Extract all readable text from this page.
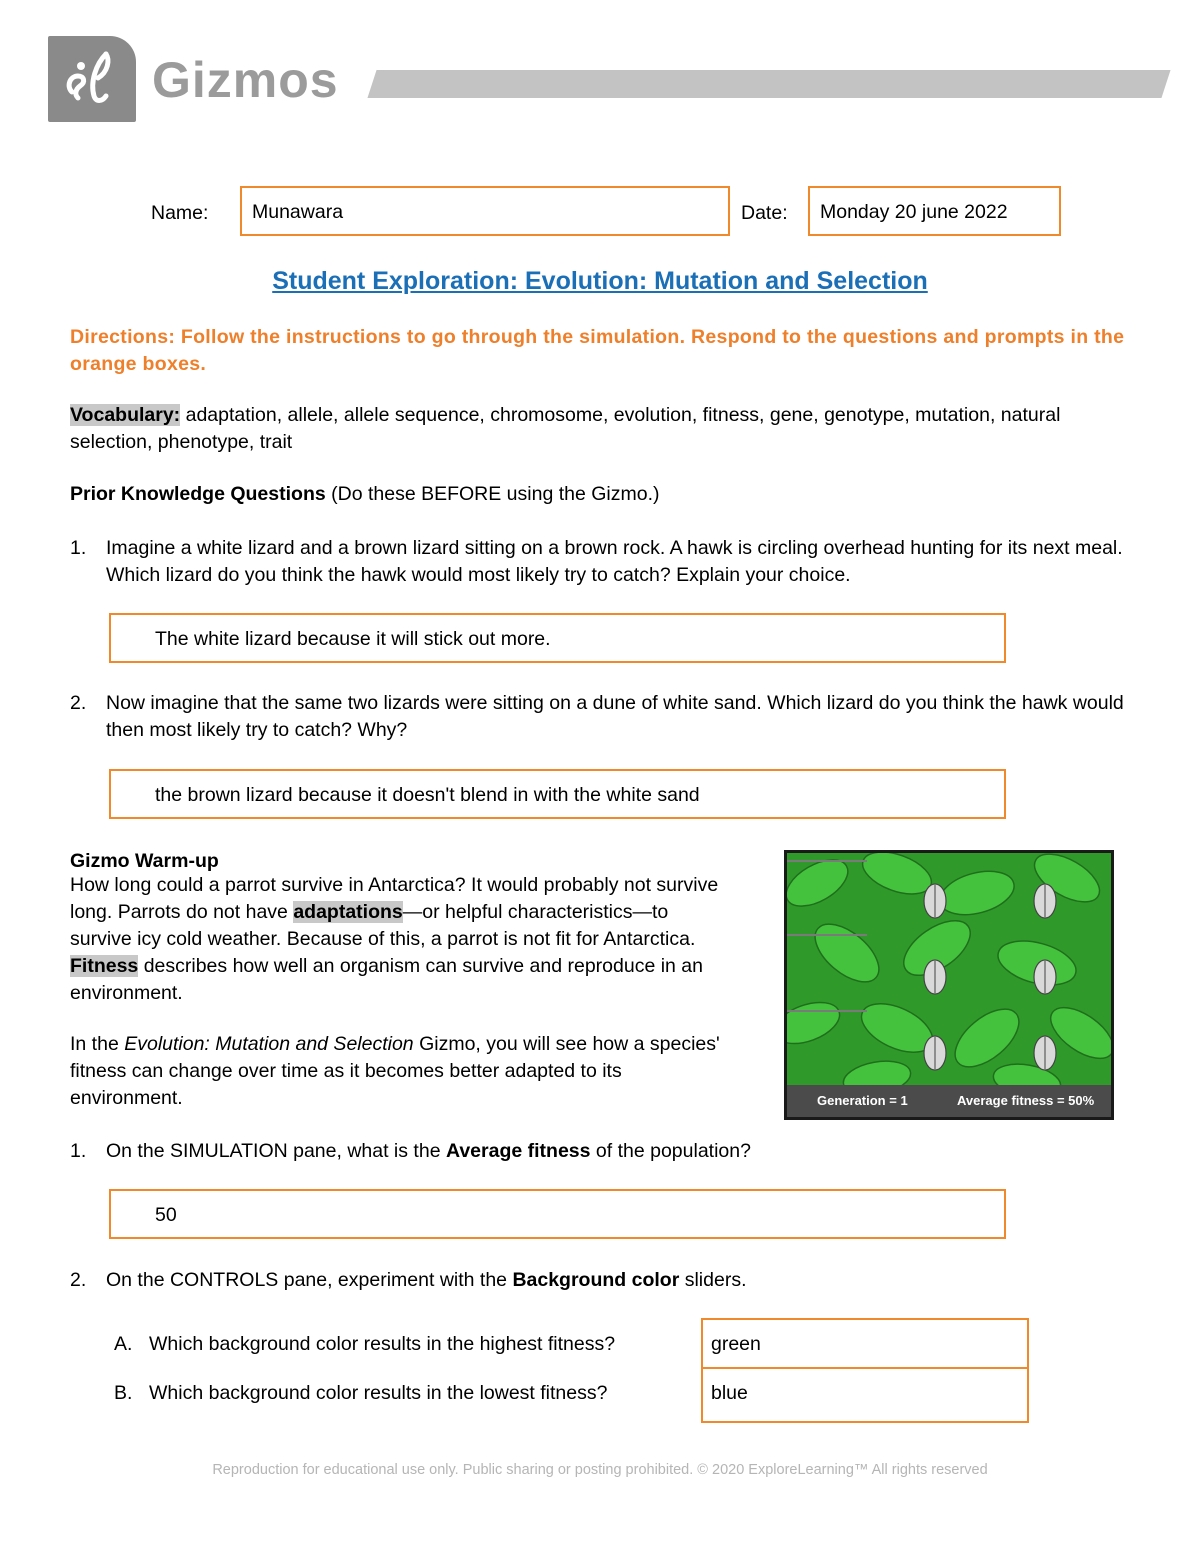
Gizmos
Name:	Munawara	Date:	Monday 20 june 2022
Student Exploration: Evolution: Mutation and Selection
Directions: Follow the instructions to go through the simulation. Respond to the questions and prompts in the orange boxes.
Vocabulary: adaptation, allele, allele sequence, chromosome, evolution, fitness, gene, genotype, mutation, natural selection, phenotype, trait
Prior Knowledge Questions (Do these BEFORE using the Gizmo.)
1. Imagine a white lizard and a brown lizard sitting on a brown rock. A hawk is circling overhead hunting for its next meal. Which lizard do you think the hawk would most likely try to catch? Explain your choice.
The white lizard because it will stick out more.
2. Now imagine that the same two lizards were sitting on a dune of white sand. Which lizard do you think the hawk would then most likely try to catch? Why?
the brown lizard because it doesn't blend in with the white sand
Gizmo Warm-up
How long could a parrot survive in Antarctica? It would probably not survive long. Parrots do not have adaptations—or helpful characteristics—to survive icy cold weather. Because of this, a parrot is not fit for Antarctica. Fitness describes how well an organism can survive and reproduce in an environment.
In the Evolution: Mutation and Selection Gizmo, you will see how a species' fitness can change over time as it becomes better adapted to its environment.	Generation = 1	Average fitness = 50%
1. On the SIMULATION pane, what is the Average fitness of the population?
50
2. On the CONTROLS pane, experiment with the Background color sliders.
A. Which background color results in the highest fitness?	green
B. Which background color results in the lowest fitness?	blue
Reproduction for educational use only. Public sharing or posting prohibited. © 2020 ExploreLearning™ All rights reserved
